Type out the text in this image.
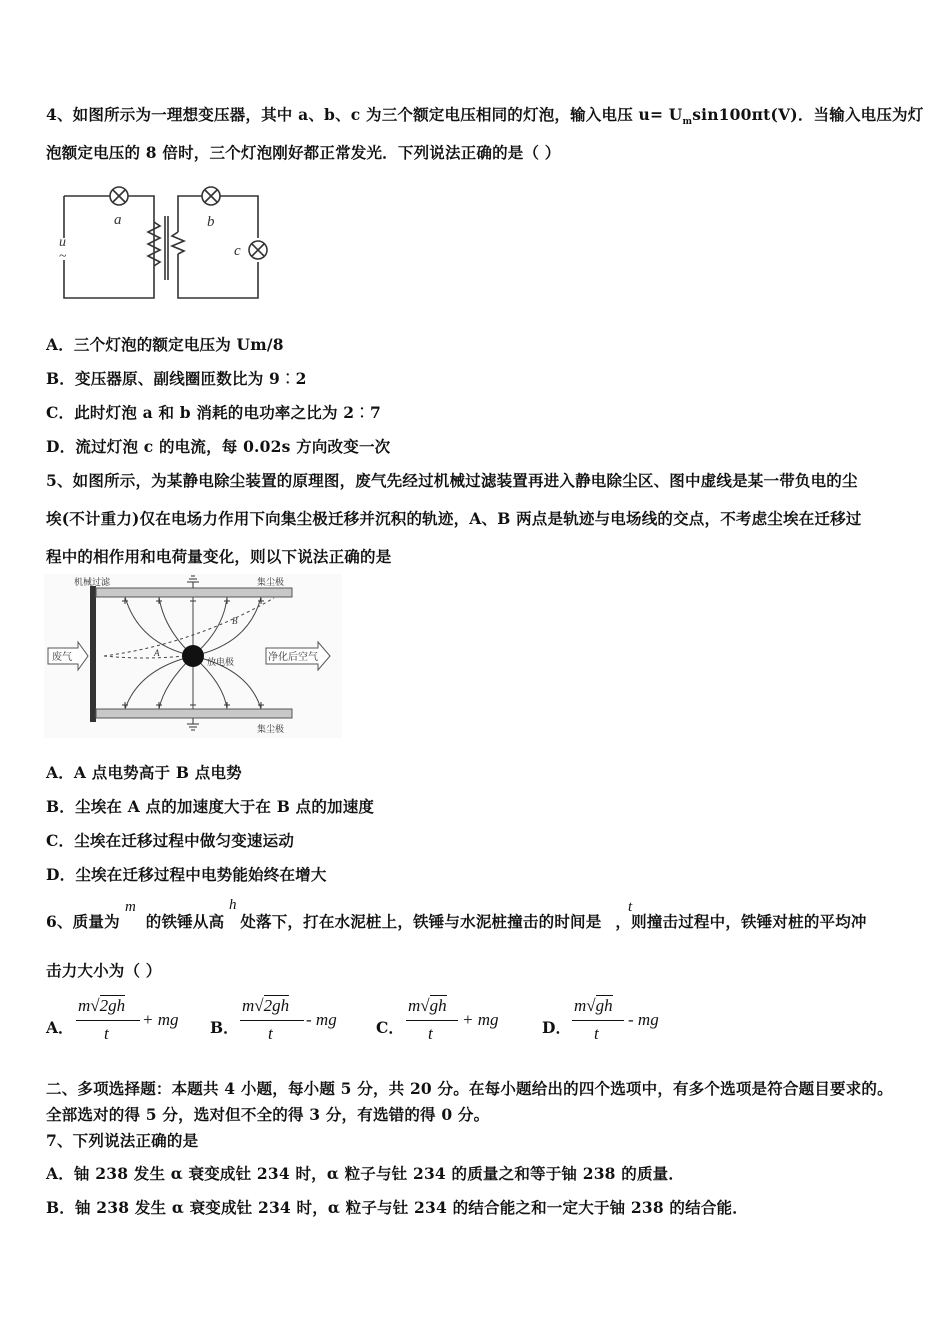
4、如图所示为一理想变压器，其中 a、b、c 为三个额定电压相同的灯泡，输入电压 $u= U_m\sin 100\pi t(V)$．当输入电压为灯
泡额定电压的 8 倍时，三个灯泡刚好都正常发光．下列说法正确的是（ ）
a	b
c
u
~
A．三个灯泡的额定电压为 Um/8
B．变压器原、副线圈匝数比为 9︰2
C．此时灯泡 a 和 b 消耗的电功率之比为 2︰7
D．流过灯泡 c 的电流，每 0.02s 方向改变一次
5、如图所示，为某静电除尘装置的原理图，废气先经过机械过滤装置再进入静电除尘区、图中虚线是某一带负电的尘
埃(不计重力)仅在电场力作用下向集尘极迁移并沉积的轨迹，A、B 两点是轨迹与电场线的交点，不考虑尘埃在迁移过
程中的相作用和电荷量变化，则以下说法正确的是
机械过滤	集尘极
集尘极
放电极
废气	净化后空气
A
B
A．A 点电势高于 B 点电势
B．尘埃在 A 点的加速度大于在 B 点的加速度
C．尘埃在迁移过程中做匀变速运动
D．尘埃在迁移过程中电势能始终在增大
6、质量为 的铁锤从高 处落下，打在水泥桩上，铁锤与水泥桩撞击的时间是 ，则撞击过程中，铁锤对桩的平均冲
m	h	t
击力大小为（ ）
A．
m√2gh
t
+ mg B．
m√2gh
t
- mg	C．
m√gh
t
+ mg	D．
m√gh
t
- mg
二、多项选择题：本题共 4 小题，每小题 5 分，共 20 分。在每小题给出的四个选项中，有多个选项是符合题目要求的。
全部选对的得 5 分，选对但不全的得 3 分，有选错的得 0 分。
7、下列说法正确的是
A．铀 238 发生 α 衰变成钍 234 时，α 粒子与钍 234 的质量之和等于铀 238 的质量．
B．铀 238 发生 α 衰变成钍 234 时，α 粒子与钍 234 的结合能之和一定大于铀 238 的结合能．
